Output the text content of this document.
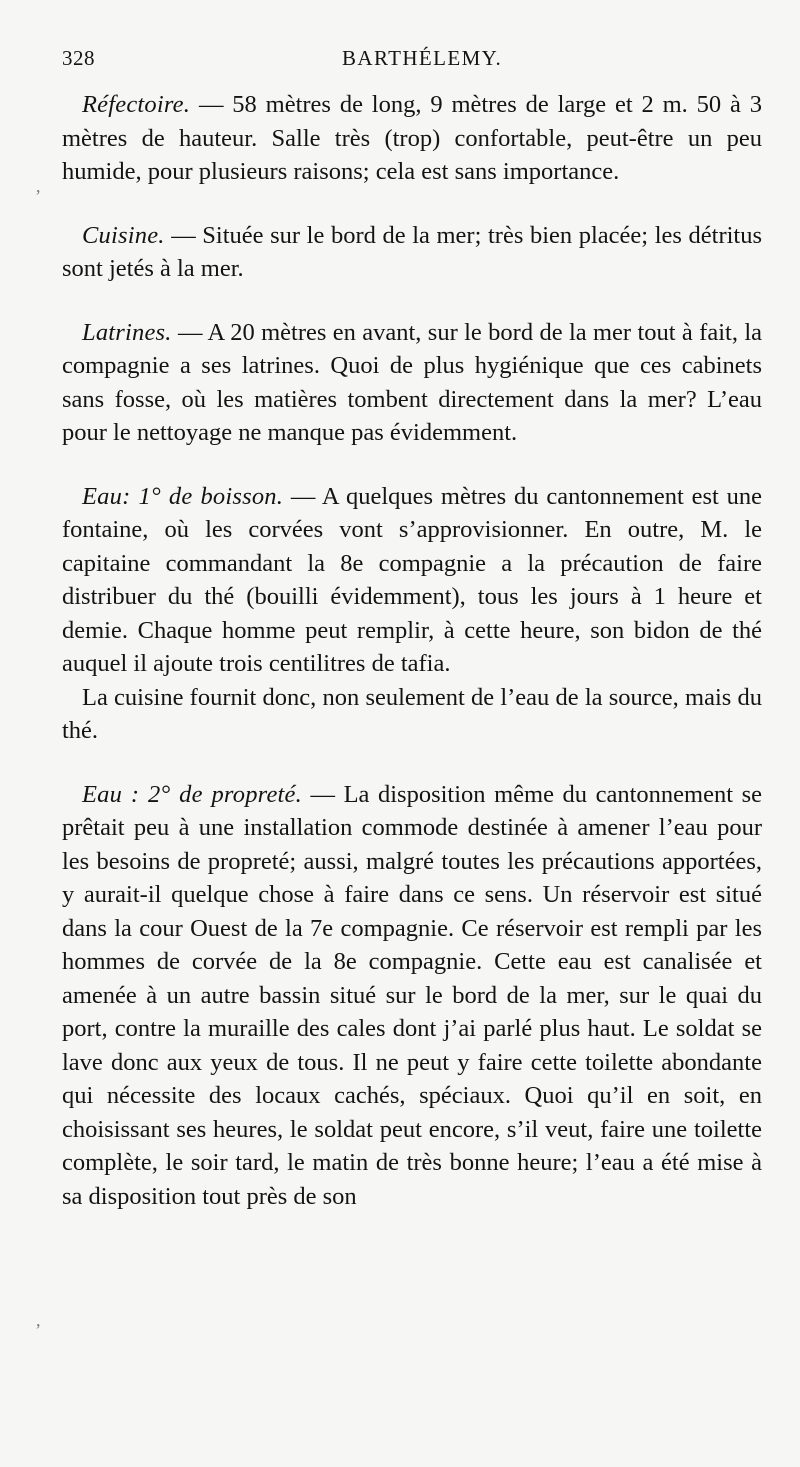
328	BARTHÉLEMY.
,
,

Réfectoire. — 58 mètres de long, 9 mètres de large et 2 m. 50 à 3 mètres de hauteur. Salle très (trop) confortable, peut-être un peu humide, pour plusieurs raisons; cela est sans importance.

Cuisine. — Située sur le bord de la mer; très bien placée; les détritus sont jetés à la mer.

Latrines. — A 20 mètres en avant, sur le bord de la mer tout à fait, la compagnie a ses latrines. Quoi de plus hygiénique que ces cabinets sans fosse, où les matières tombent directement dans la mer? L’eau pour le nettoyage ne manque pas évidemment.

Eau: 1° de boisson. — A quelques mètres du cantonnement est une fontaine, où les corvées vont s’approvisionner. En outre, M. le capitaine commandant la 8e compagnie a la précaution de faire distribuer du thé (bouilli évidemment), tous les jours à 1 heure et demie. Chaque homme peut remplir, à cette heure, son bidon de thé auquel il ajoute trois centilitres de tafia.

La cuisine fournit donc, non seulement de l’eau de la source, mais du thé.

Eau : 2° de propreté. — La disposition même du cantonnement se prêtait peu à une installation commode destinée à amener l’eau pour les besoins de propreté; aussi, malgré toutes les précautions apportées, y aurait-il quelque chose à faire dans ce sens. Un réservoir est situé dans la cour Ouest de la 7e compagnie. Ce réservoir est rempli par les hommes de corvée de la 8e compagnie. Cette eau est canalisée et amenée à un autre bassin situé sur le bord de la mer, sur le quai du port, contre la muraille des cales dont j’ai parlé plus haut. Le soldat se lave donc aux yeux de tous. Il ne peut y faire cette toilette abondante qui nécessite des locaux cachés, spéciaux. Quoi qu’il en soit, en choisissant ses heures, le soldat peut encore, s’il veut, faire une toilette complète, le soir tard, le matin de très bonne heure; l’eau a été mise à sa disposition tout près de son
